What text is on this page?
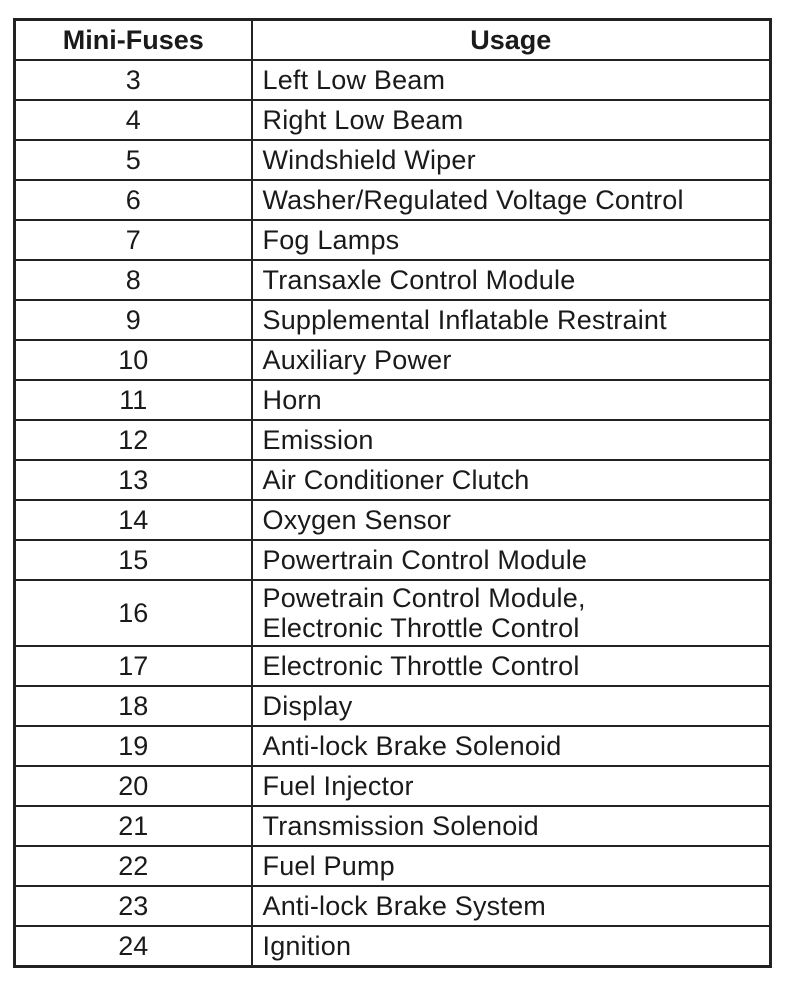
Mini-Fuses	Usage
3	Left Low Beam

4	Right Low Beam

5	Windshield Wiper

6	Washer/Regulated Voltage Control

7	Fog Lamps

8	Transaxle Control Module

9	Supplemental Inflatable Restraint

10	Auxiliary Power

11	Horn

12	Emission

13	Air Conditioner Clutch

14	Oxygen Sensor

15	Powertrain Control Module

16	Powetrain Control Module,
Electronic Throttle Control

17	Electronic Throttle Control

18	Display

19	Anti-lock Brake Solenoid

20	Fuel Injector

21	Transmission Solenoid

22	Fuel Pump

23	Anti-lock Brake System

24	Ignition
